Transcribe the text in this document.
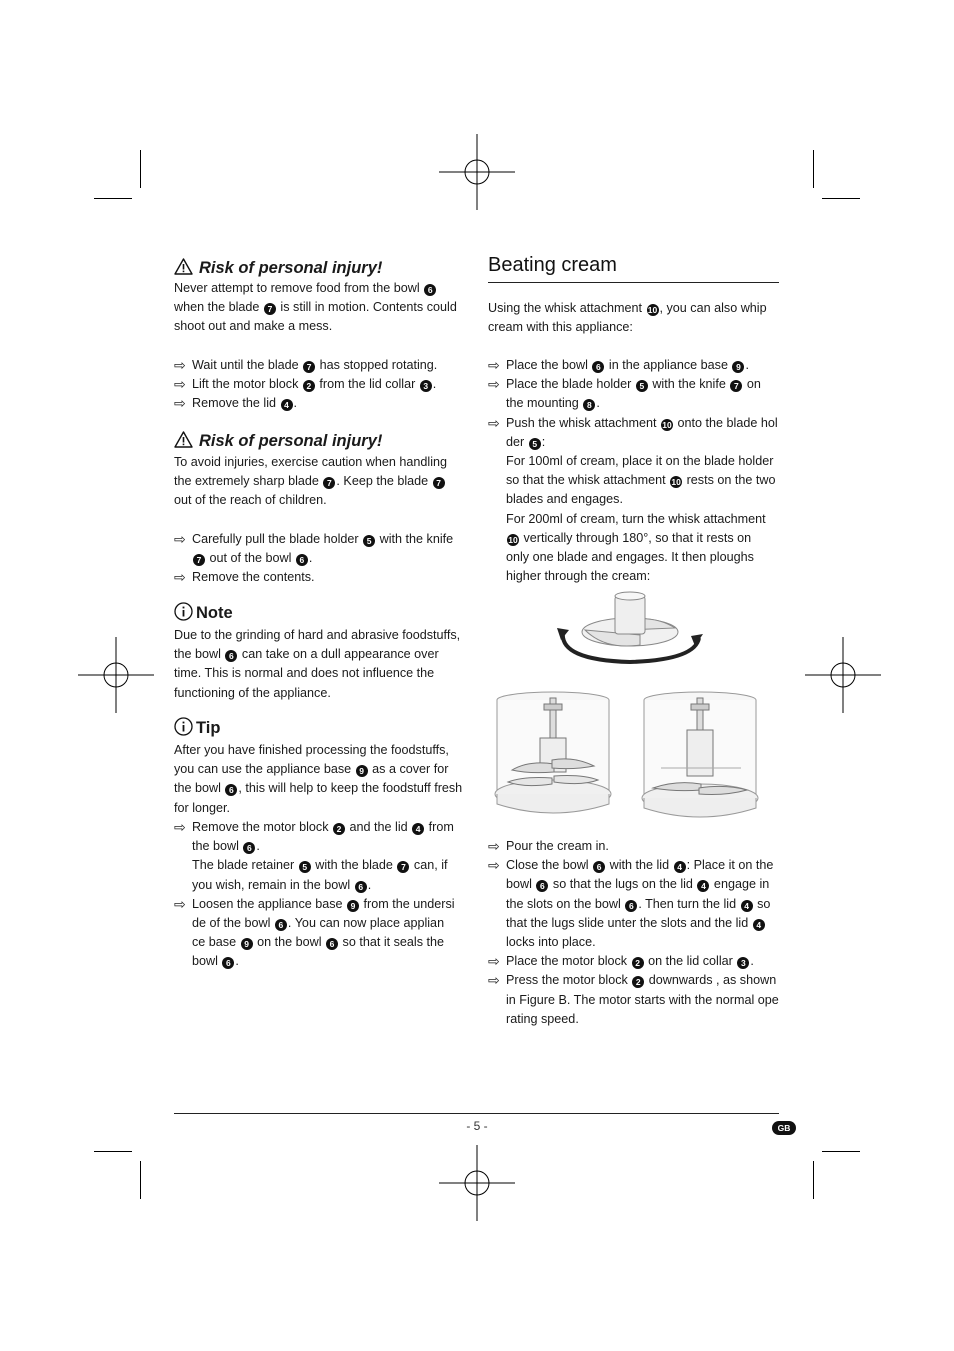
Risk of personal injury!
Never attempt to remove food from the bowl 6
when the blade 7 is still in motion. Contents could
shoot out and make a mess.
⇨ Wait until the blade 7 has stopped rotating.
⇨ Lift the motor block 2 from the lid collar 3 .
⇨ Remove the lid 4 .
Risk of personal injury!
To avoid injuries, exercise caution when handling
the extremely sharp blade 7 . Keep the blade 7
out of the reach of children.
⇨ Carefully pull the blade holder 5 with the knife
7 out of the bowl 6 .
⇨ Remove the contents.
Note
Due to the grinding of hard and abrasive foodstuffs,
the bowl 6 can take on a dull appearance over
time. This is normal and does not influence the
functioning of the appliance.
Tip
After you have finished processing the foodstuffs,
you can use the appliance base 9 as a cover for
the bowl 6 , this will help to keep the foodstuff fresh
for longer.
⇨ Remove the motor block 2 and the lid 4 from
the bowl 6 .
The blade retainer 5 with the blade 7 can, if
you wish, remain in the bowl 6 .
⇨ Loosen the appliance base 9 from the undersi
de of the bowl 6 . You can now place applian
ce base 9 on the bowl 6 so that it seals the
bowl 6 .
Beating cream
Using the whisk attachment 10 , you can also whip
cream with this appliance:
⇨ Place the bowl 6 in the appliance base 9 .
⇨ Place the blade holder 5 with the knife 7 on
the mounting 8 .
⇨ Push the whisk attachment 10 onto the blade hol
der 5 :
For 100ml of cream, place it on the blade holder
so that the whisk attachment 10 rests on the two
blades and engages.
For 200ml of cream, turn the whisk attachment
10 vertically through 180°, so that it rests on
only one blade and engages. It then ploughs
higher through the cream:
⇨ Pour the cream in.
⇨ Close the bowl 6 with the lid 4 : Place it on the
bowl 6 so that the lugs on the lid 4 engage in
the slots on the bowl 6 . Then turn the lid 4 so
that the lugs slide unter the slots and the lid 4
locks into place.
⇨ Place the motor block 2 on the lid collar 3 .
⇨ Press the motor block 2 downwards , as shown
in Figure B. The motor starts with the normal ope
rating speed.
- 5 -	GB
